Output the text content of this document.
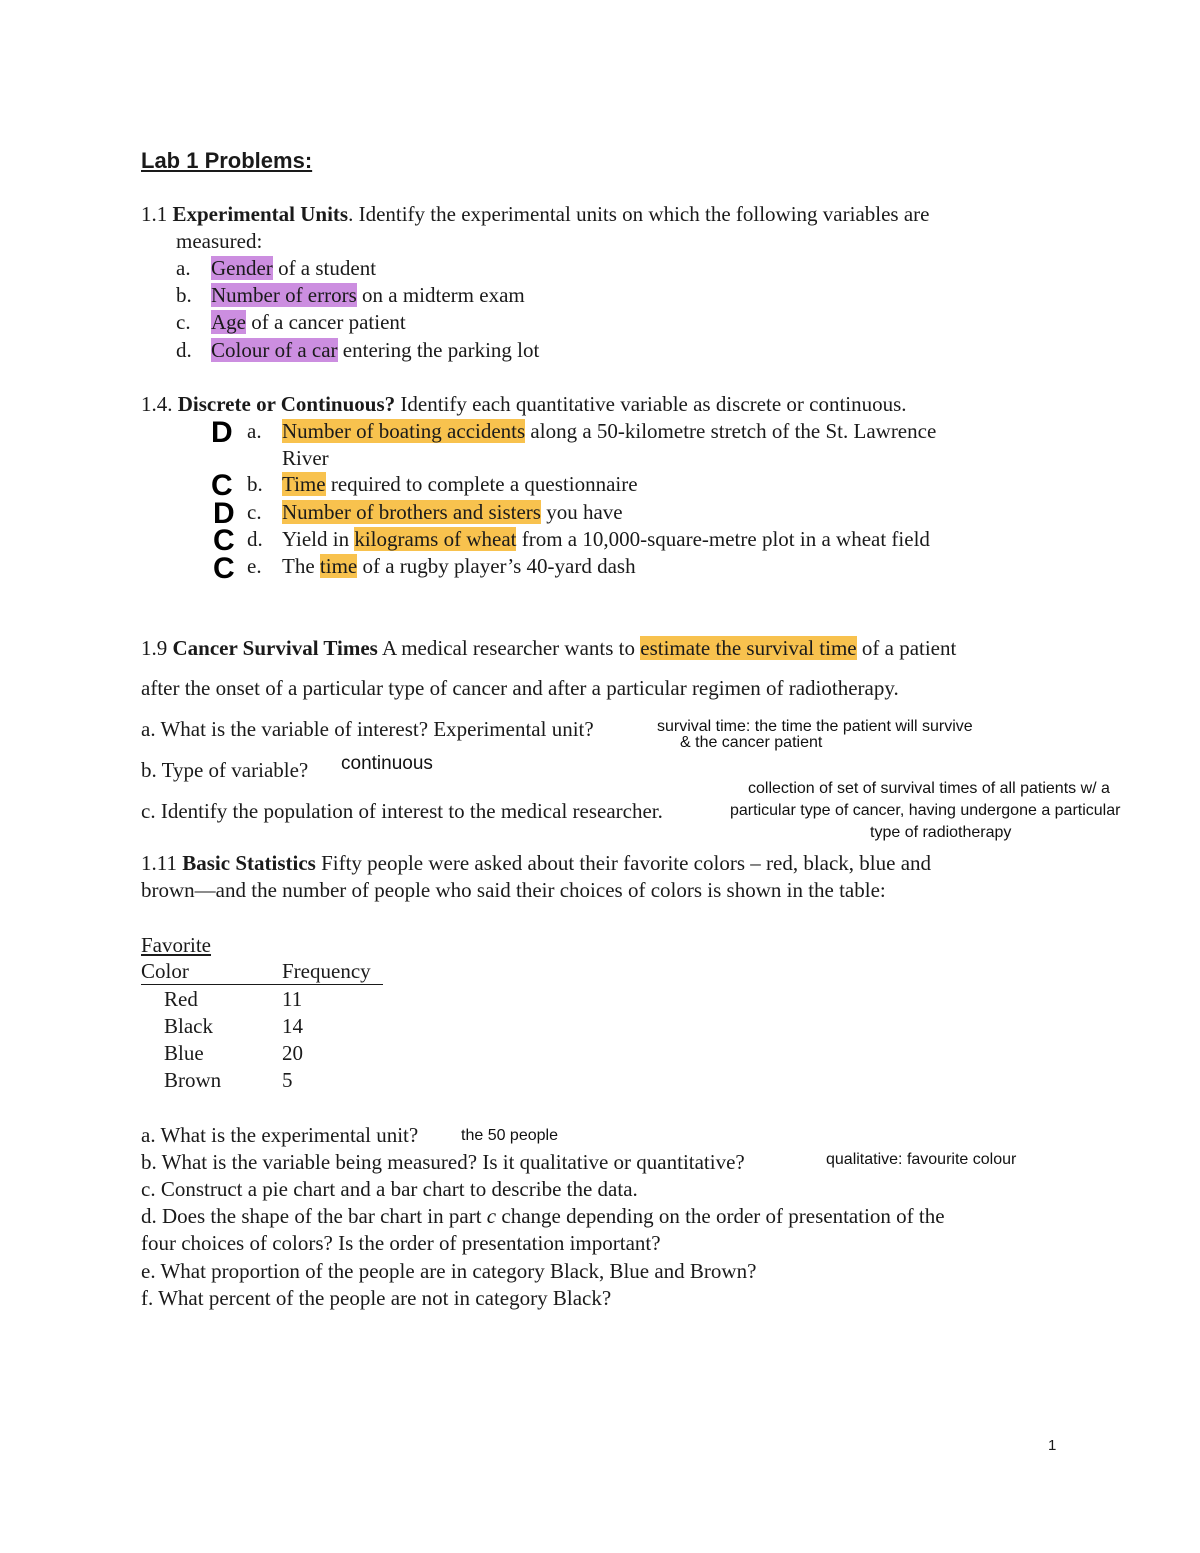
Lab 1 Problems:
1.1 Experimental Units. Identify the experimental units on which the following variables are
measured:
a. Gender of a student
b. Number of errors on a midterm exam
c. Age of a cancer patient
d. Colour of a car entering the parking lot
1.4. Discrete or Continuous? Identify each quantitative variable as discrete or continuous.
D a. Number of boating accidents along a 50-kilometre stretch of the St. Lawrence
River
C b. Time required to complete a questionnaire
D c. Number of brothers and sisters you have
C d. Yield in kilograms of wheat from a 10,000-square-metre plot in a wheat field
C e. The time of a rugby player’s 40-yard dash
1.9 Cancer Survival Times A medical researcher wants to estimate the survival time of a patient
after the onset of a particular type of cancer and after a particular regimen of radiotherapy.
a. What is the variable of interest? Experimental unit?	survival time: the time the patient will survive
& the cancer patient
b. Type of variable? continuous
collection of set of survival times of all patients w/ a
c. Identify the population of interest to the medical researcher.	particular type of cancer, having undergone a particular
type of radiotherapy
1.11 Basic Statistics Fifty people were asked about their favorite colors – red, black, blue and
brown—and the number of people who said their choices of colors is shown in the table:
Favorite
Color	Frequency
Red	11
Black	14
Blue	20
Brown	5
a. What is the experimental unit?	the 50 people
b. What is the variable being measured? Is it qualitative or quantitative?	qualitative: favourite colour
c. Construct a pie chart and a bar chart to describe the data.
d. Does the shape of the bar chart in part c change depending on the order of presentation of the
four choices of colors? Is the order of presentation important?
e. What proportion of the people are in category Black, Blue and Brown?
f. What percent of the people are not in category Black?
1
